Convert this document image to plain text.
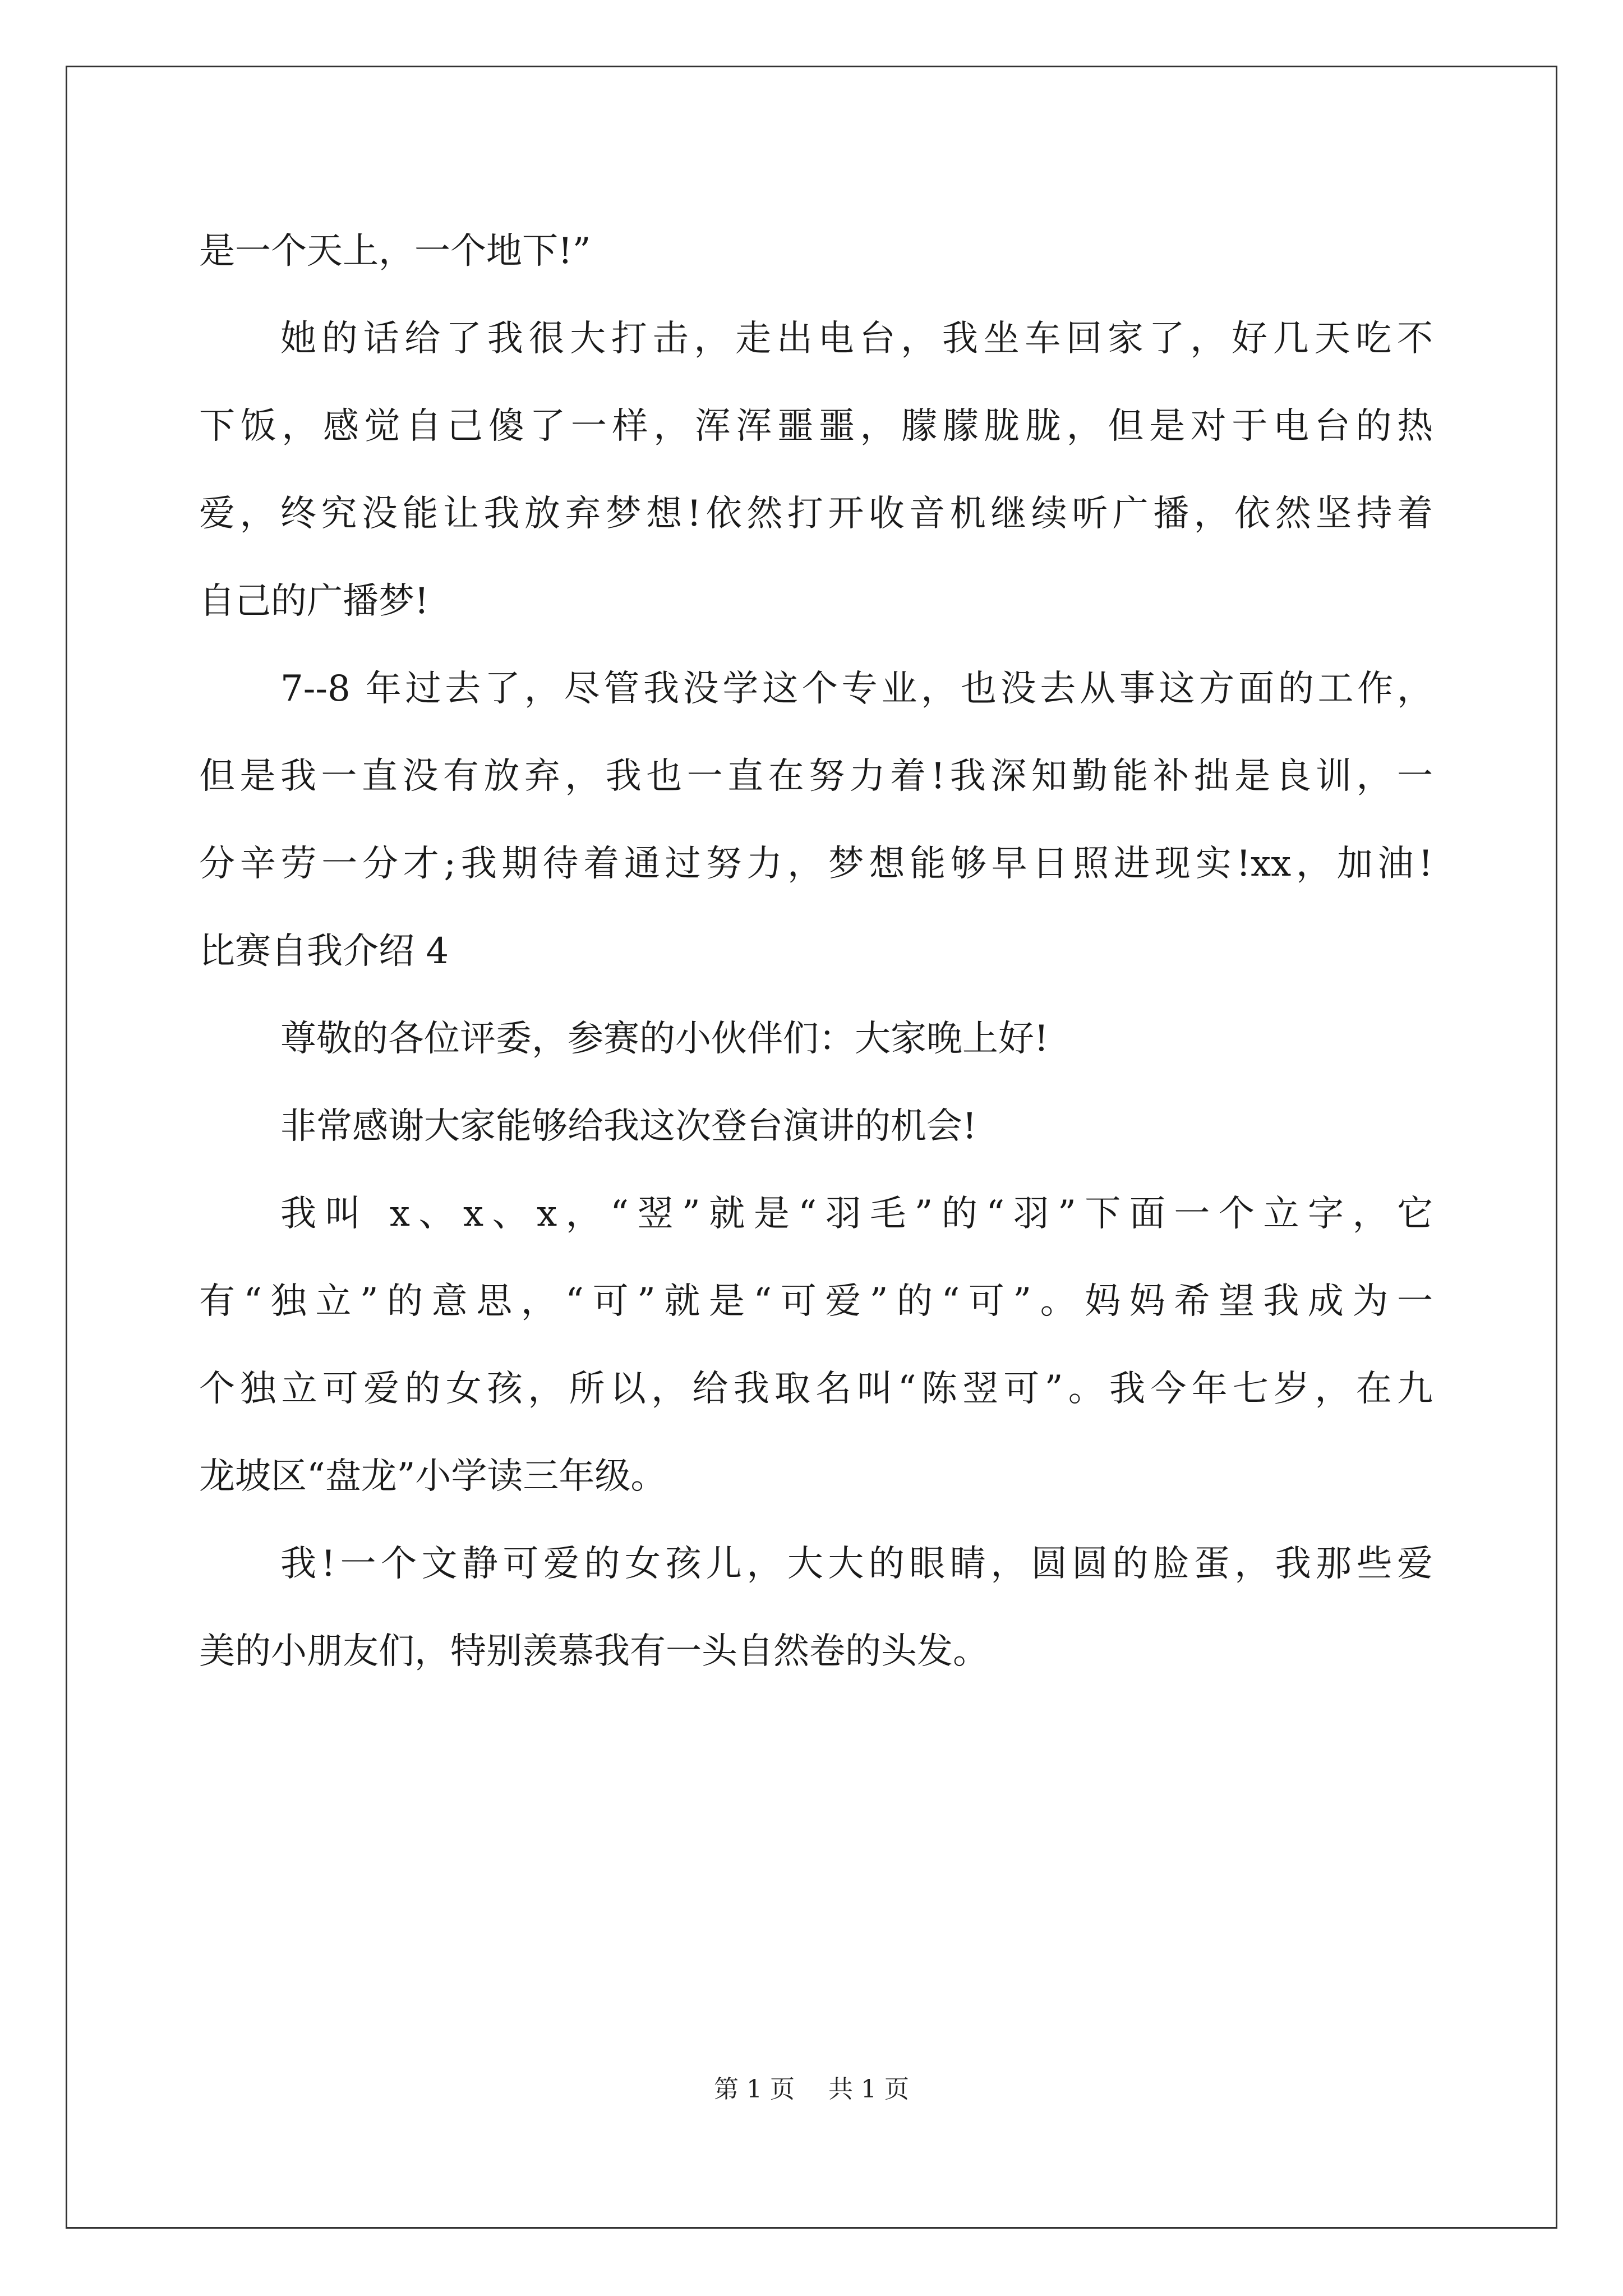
是一个天上，一个地下!”
她的话给了我很大打击，走出电台，我坐车回家了，好几天吃不
下饭，感觉自己傻了一样，浑浑噩噩，朦朦胧胧，但是对于电台的热
爱，终究没能让我放弃梦想!依然打开收音机继续听广播，依然坚持着
自己的广播梦!
7--8 年过去了，尽管我没学这个专业，也没去从事这方面的工作，
但是我一直没有放弃，我也一直在努力着!我深知勤能补拙是良训，一
分辛劳一分才;我期待着通过努力，梦想能够早日照进现实!xx，加油!
比赛自我介绍 4
尊敬的各位评委，参赛的小伙伴们：大家晚上好!
非常感谢大家能够给我这次登台演讲的机会!
我叫 x、x、x，“翌”就是“羽毛”的“羽”下面一个立字，它
有“独立”的意思，“可”就是“可爱”的“可”。妈妈希望我成为一
个独立可爱的女孩，所以，给我取名叫“陈翌可”。我今年七岁，在九
龙坡区“盘龙”小学读三年级。
我!一个文静可爱的女孩儿，大大的眼睛，圆圆的脸蛋，我那些爱
美的小朋友们，特别羡慕我有一头自然卷的头发。
第 1 页 共 1 页
